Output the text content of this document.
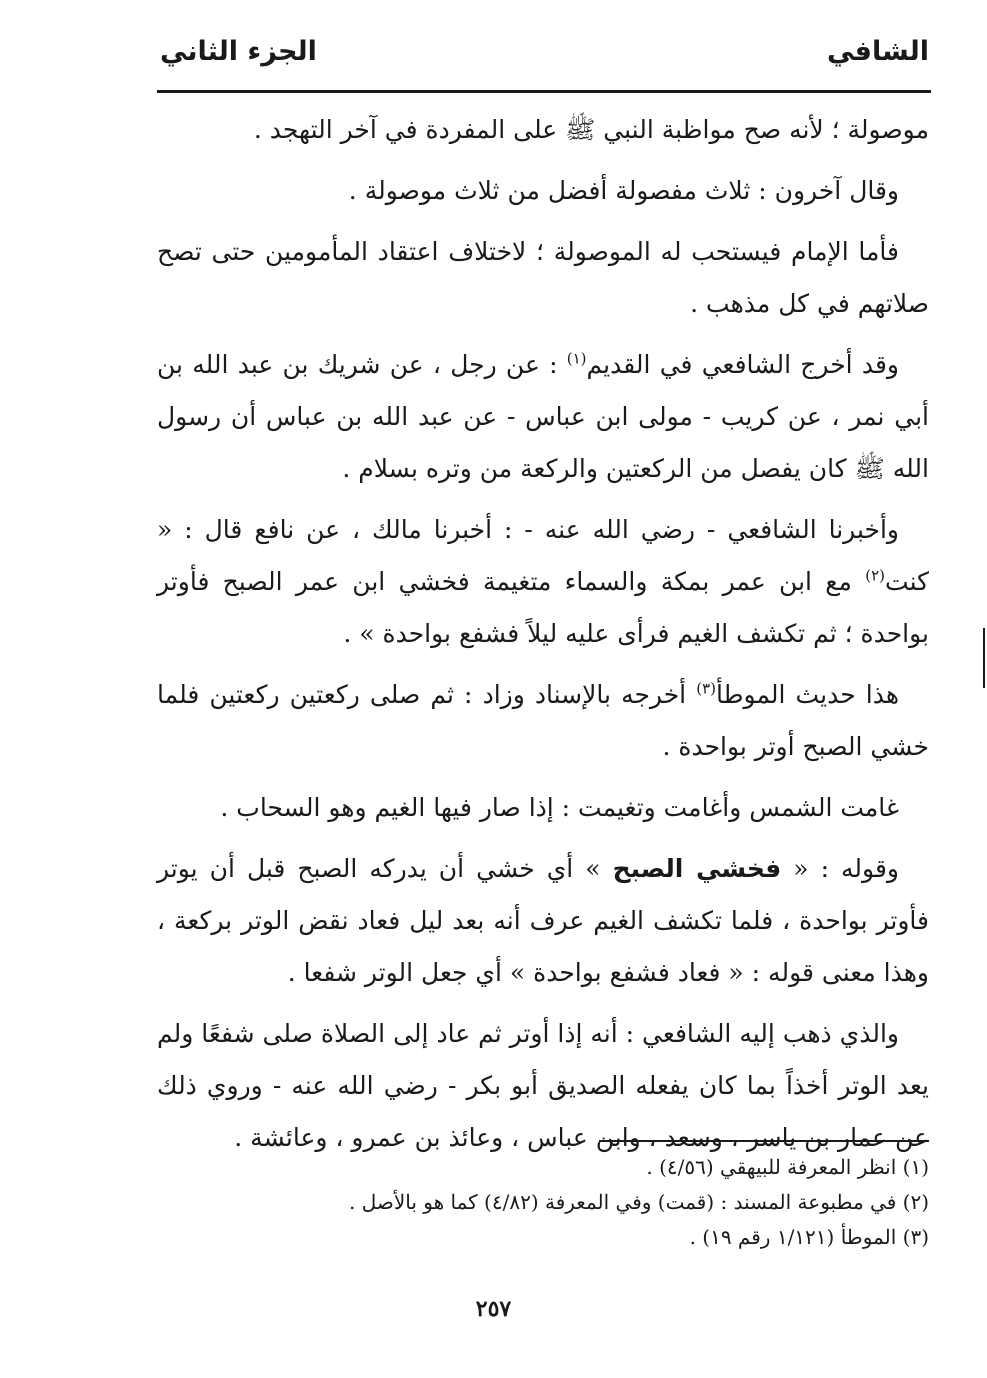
الشافي
الجزء الثاني

موصولة ؛ لأنه صح مواظبة النبي ﷺ على المفردة في آخر التهجد .

وقال آخرون : ثلاث مفصولة أفضل من ثلاث موصولة .

فأما الإمام فيستحب له الموصولة ؛ لاختلاف اعتقاد المأمومين حتى تصح صلاتهم في كل مذهب .

وقد أخرج الشافعي في القديم$^{(١)}$ : عن رجل ، عن شريك بن عبد الله بن أبي نمر ، عن كريب - مولى ابن عباس - عن عبد الله بن عباس أن رسول الله ﷺ كان يفصل من الركعتين والركعة من وتره بسلام .

وأخبرنا الشافعي - رضي الله عنه - : أخبرنا مالك ، عن نافع قال : « كنت$^{(٢)}$ مع ابن عمر بمكة والسماء متغيمة فخشي ابن عمر الصبح فأوتر بواحدة ؛ ثم تكشف الغيم فرأى عليه ليلاً فشفع بواحدة » .

هذا حديث الموطأ$^{(٣)}$ أخرجه بالإسناد وزاد : ثم صلى ركعتين ركعتين فلما خشي الصبح أوتر بواحدة .

غامت الشمس وأغامت وتغيمت : إذا صار فيها الغيم وهو السحاب .

وقوله : « فخشي الصبح » أي خشي أن يدركه الصبح قبل أن يوتر فأوتر بواحدة ، فلما تكشف الغيم عرف أنه بعد ليل فعاد نقض الوتر بركعة ، وهذا معنى قوله : « فعاد فشفع بواحدة » أي جعل الوتر شفعا .

والذي ذهب إليه الشافعي : أنه إذا أوتر ثم عاد إلى الصلاة صلى شفعًا ولم يعد الوتر أخذاً بما كان يفعله الصديق أبو بكر - رضي الله عنه - وروي ذلك عن عمار بن ياسر ، وسعد ، وابن عباس ، وعائذ بن عمرو ، وعائشة .

(١) انظر المعرفة للبيهقي (٤/٥٦) .
(٢) في مطبوعة المسند : (قمت) وفي المعرفة (٤/٨٢) كما هو بالأصل .
(٣) الموطأ (١/١٢١ رقم ١٩) .
٢٥٧
